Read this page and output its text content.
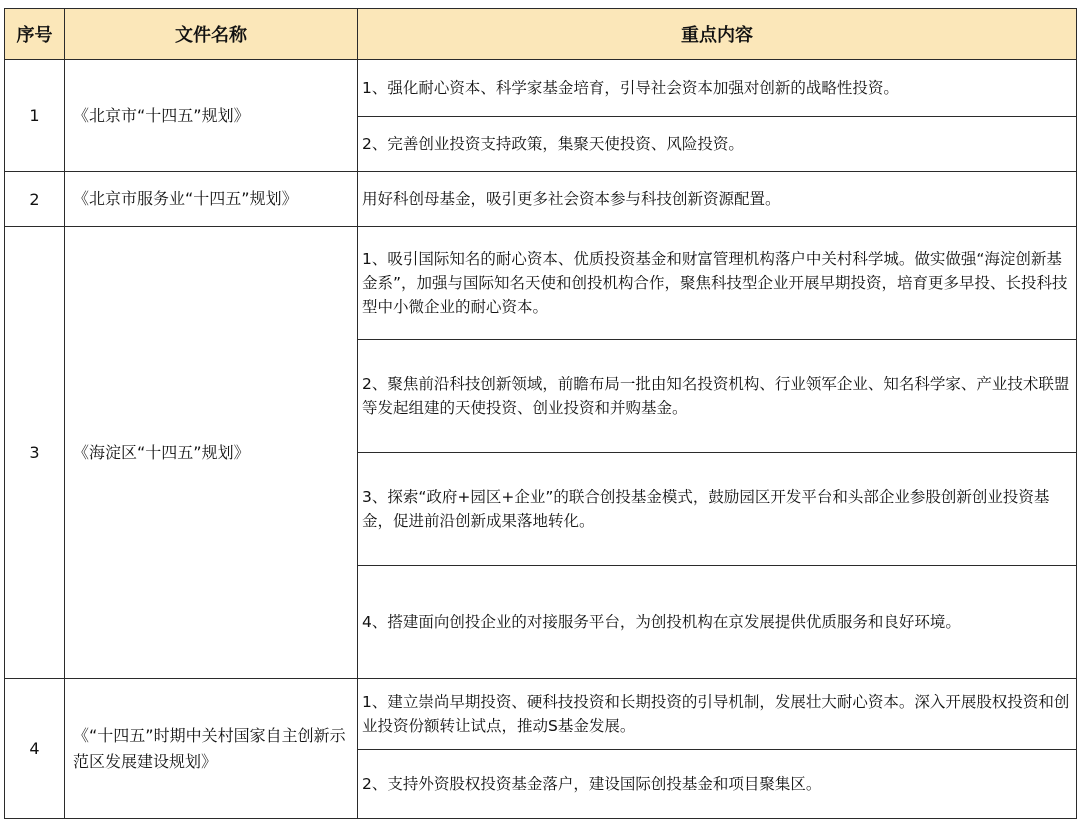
序号	文件名称	重点内容
1	《北京市“十四五”规划》	1、强化耐心资本、科学家基金培育，引导社会资本加强对创新的战略性投资。
		2、完善创业投资支持政策，集聚天使投资、风险投资。
2	《北京市服务业“十四五”规划》	用好科创母基金，吸引更多社会资本参与科技创新资源配置。
3	《海淀区“十四五”规划》	1、吸引国际知名的耐心资本、优质投资基金和财富管理机构落户中关村科学城。做实做强“海淀创新基金系”，加强与国际知名天使和创投机构合作，聚焦科技型企业开展早期投资，培育更多早投、长投科技型中小微企业的耐心资本。
		2、聚焦前沿科技创新领域，前瞻布局一批由知名投资机构、行业领军企业、知名科学家、产业技术联盟等发起组建的天使投资、创业投资和并购基金。
		3、探索“政府+园区+企业”的联合创投基金模式，鼓励园区开发平台和头部企业参股创新创业投资基金，促进前沿创新成果落地转化。
		4、搭建面向创投企业的对接服务平台，为创投机构在京发展提供优质服务和良好环境。
4	《“十四五”时期中关村国家自主创新示范区发展建设规划》	1、建立崇尚早期投资、硬科技投资和长期投资的引导机制，发展壮大耐心资本。深入开展股权投资和创业投资份额转让试点，推动S基金发展。
		2、支持外资股权投资基金落户，建设国际创投基金和项目聚集区。
